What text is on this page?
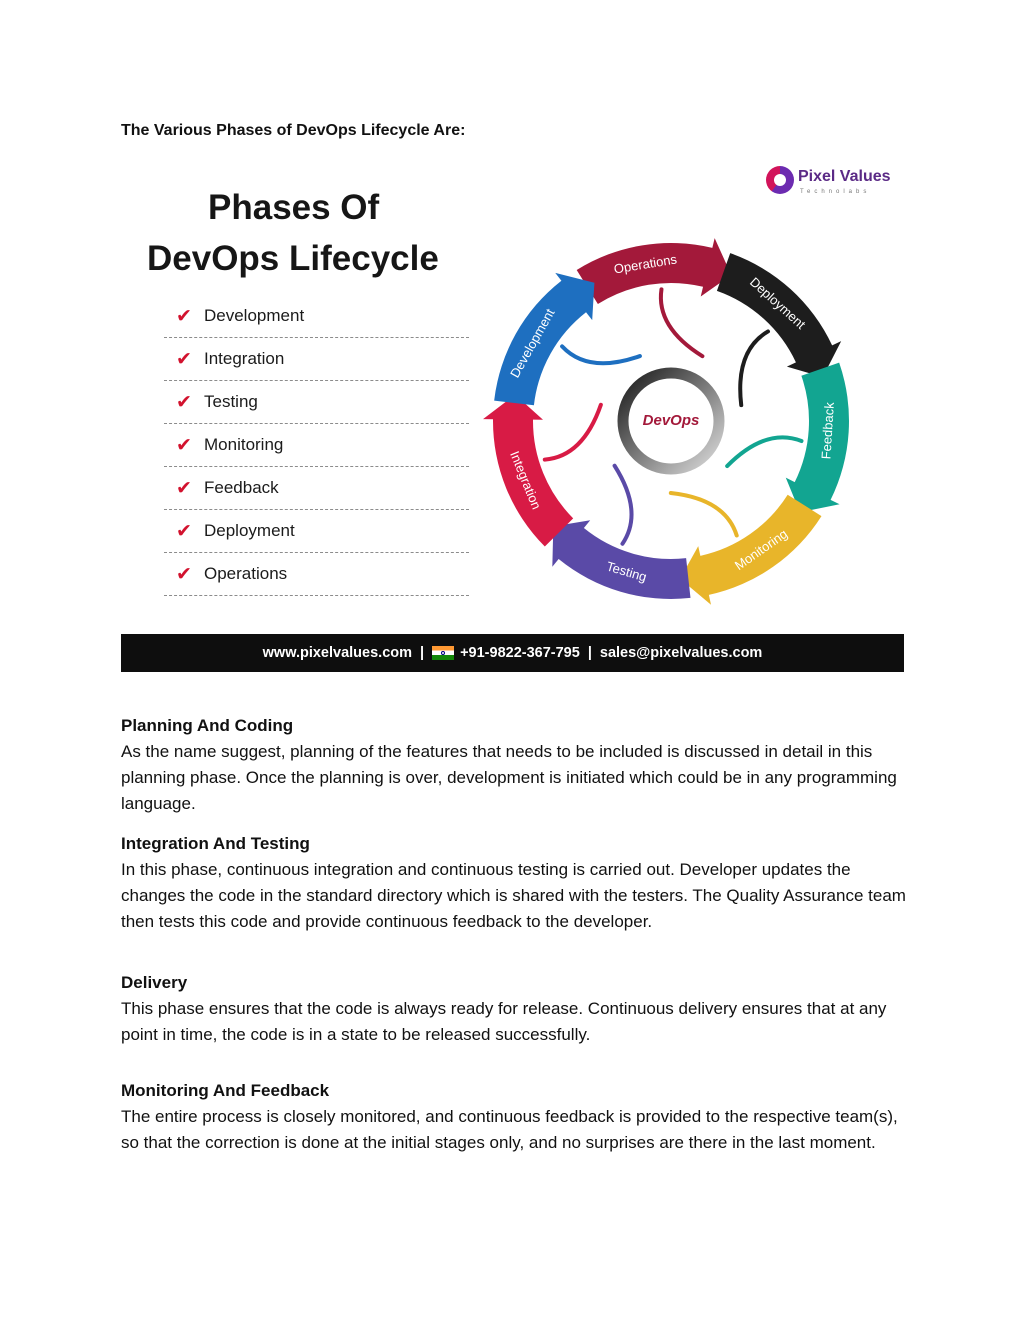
The Various Phases of DevOps Lifecycle Are:
Phases Of
DevOps Lifecycle
✔ Development
✔ Integration
✔ Testing
✔ Monitoring
✔ Feedback
✔ Deployment
✔ Operations
Pixel Values
Technolabs
Operations
Deployment
Feedback
Monitoring
Testing
Integration
Development
DevOps
www.pixelvalues.com | +91-9822-367-795 | sales@pixelvalues.com
Planning And Coding

As the name suggest, planning of the features that needs to be included is discussed in detail in this planning phase. Once the planning is over, development is initiated which could be in any programming language.

Integration And Testing

In this phase, continuous integration and continuous testing is carried out. Developer updates the changes the code in the standard directory which is shared with the testers. The Quality Assurance team then tests this code and provide continuous feedback to the developer.

Delivery

This phase ensures that the code is always ready for release. Continuous delivery ensures that at any point in time, the code is in a state to be released successfully.

Monitoring And Feedback

The entire process is closely monitored, and continuous feedback is provided to the respective team(s), so that the correction is done at the initial stages only, and no surprises are there in the last moment.
